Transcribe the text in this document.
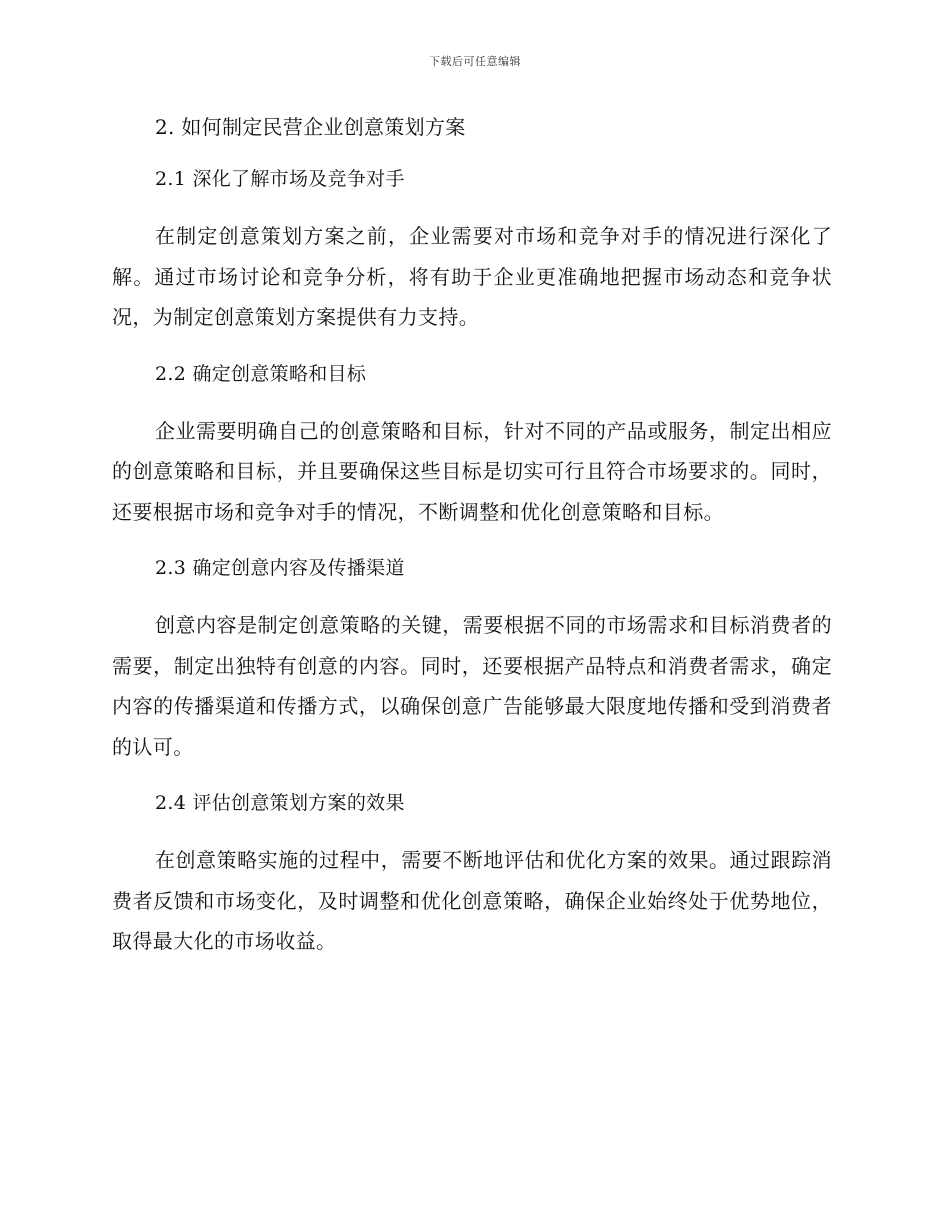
下载后可任意编辑
2. 如何制定民营企业创意策划方案
2.1 深化了解市场及竞争对手

在制定创意策划方案之前，企业需要对市场和竞争对手的情况进行深化了解。通过市场讨论和竞争分析，将有助于企业更准确地把握市场动态和竞争状况，为制定创意策划方案提供有力支持。

2.2 确定创意策略和目标

企业需要明确自己的创意策略和目标，针对不同的产品或服务，制定出相应的创意策略和目标，并且要确保这些目标是切实可行且符合市场要求的。同时，还要根据市场和竞争对手的情况，不断调整和优化创意策略和目标。

2.3 确定创意内容及传播渠道

创意内容是制定创意策略的关键，需要根据不同的市场需求和目标消费者的需要，制定出独特有创意的内容。同时，还要根据产品特点和消费者需求，确定内容的传播渠道和传播方式，以确保创意广告能够最大限度地传播和受到消费者的认可。

2.4 评估创意策划方案的效果

在创意策略实施的过程中，需要不断地评估和优化方案的效果。通过跟踪消费者反馈和市场变化，及时调整和优化创意策略，确保企业始终处于优势地位，取得最大化的市场收益。
